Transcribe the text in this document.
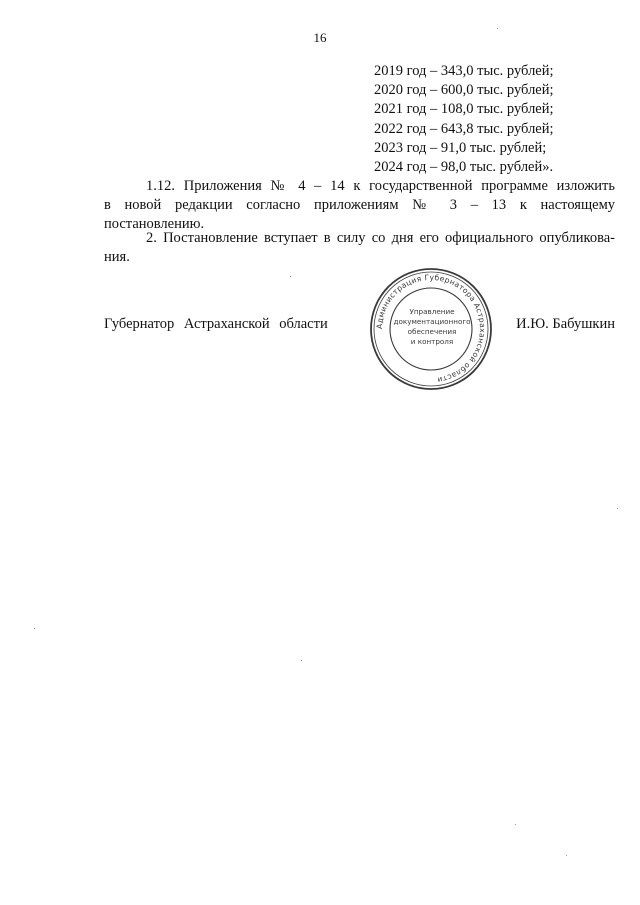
16
2019 год – 343,0 тыс. рублей;
2020 год – 600,0 тыс. рублей;
2021 год – 108,0 тыс. рублей;
2022 год – 643,8 тыс. рублей;
2023 год – 91,0 тыс. рублей;
2024 год – 98,0 тыс. рублей».
1.12. Приложения № 4 – 14 к государственной программе изложить
в новой редакции согласно приложениям № 3 – 13 к настоящему
постановлению.
2. Постановление вступает в силу со дня его официального опубликова-
ния.
Губернатор Астраханской области	И.Ю. Бабушкин
Администрация Губернатора Астраханской области
Управление
документационного
обеспечения
и контроля
